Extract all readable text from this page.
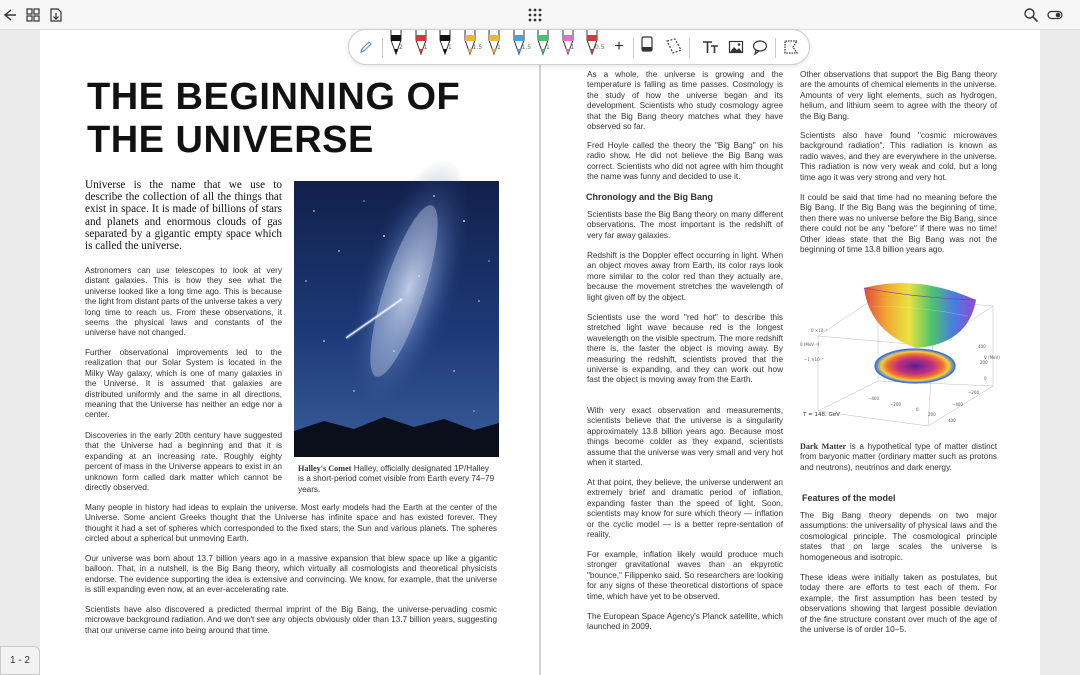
THE BEGINNING OF THE UNIVERSE
Universe is the name that we use to describe the collection of all the things that exist in space. It is made of billions of stars and planets and enormous clouds of gas separated by a gigantic empty space which is called the universe.
Astronomers can use telescopes to look at very distant galaxies. This is how they see what the universe looked like a long time ago. This is because the light from distant parts of the universe takes a very long time to reach us. From these observations, it seems the physical laws and constants of the universe have not changed.
Further observational improvements led to the realization that our Solar System is located in the Milky Way galaxy, which is one of many galaxies in the Universe. It is assumed that galaxies are distributed uniformly and the same in all directions, meaning that the Universe has neither an edge nor a center.
Discoveries in the early 20th century have suggested that the Universe had a beginning and that it is expanding at an increasing rate. Roughly eighty percent of mass in the Universe appears to exist in an unknown form called dark matter which cannot be directly observed.
Halley's Comet Halley, officially designated 1P/Halley is a short-period comet visible from Earth every 74–79 years.
Many people in history had ideas to explain the universe. Most early models had the Earth at the center of the Universe. Some ancient Greeks thought that the Universe has infinite space and has existed forever. They thought it had a set of spheres which corresponded to the fixed stars, the Sun and various planets. The spheres circled about a spherical but unmoving Earth.
Our universe was born about 13.7 billion years ago in a massive expansion that blew space up like a gigantic balloon. That, in a nutshell, is the Big Bang theory, which virtually all cosmologists and theoretical physicists endorse. The evidence supporting the idea is extensive and convincing. We know, for example, that the universe is still expanding even now, at an ever-accelerating rate.
Scientists have also discovered a predicted thermal imprint of the Big Bang, the universe-pervading cosmic microwave background radiation. And we don't see any objects obviously older than 13.7 billion years, suggesting that our universe came into being around that time.
As a whole, the universe is growing and the temperature is falling as time passes. Cosmology is the study of how the universe began and its development. Scientists who study cosmology agree that the Big Bang theory matches what they have observed so far.
Fred Hoyle called the theory the "Big Bang" on his radio show. He did not believe the Big Bang was correct. Scientists who did not agree with him thought the name was funny and decided to use it.
Chronology and the Big Bang
Scientists base the Big Bang theory on many different observations. The most important is the redshift of very far away galaxies.
Redshift is the Doppler effect occurring in light. When an object moves away from Earth, its color rays look more similar to the color red than they actually are, because the movement stretches the wavelength of light given off by the object.
Scientists use the word "red hot" to describe this stretched light wave because red is the longest wavelength on the visible spectrum. The more redshift there is, the faster the object is moving away. By measuring the redshift, scientists proved that the universe is expanding, and they can work out how fast the object is moving away from the Earth.
With very exact observation and measurements, scientists believe that the universe is a singularity approximately 13.8 billion years ago. Because most things become colder as they expand, scientists assume that the universe was very small and very hot when it started.
At that point, they believe, the universe underwent an extremely brief and dramatic period of inflation, expanding faster than the speed of light. Soon, scientists may know for sure which theory — inflation or the cyclic model — is a better repre-sentation of reality.
For example, inflation likely would produce much stronger gravitational waves than an ekpyrotic "bounce," Filippenko said. So researchers are looking for any signs of these theoretical distortions of space time, which have yet to be observed.
The European Space Agency's Planck satellite, which launched in 2009.
Other observations that support the Big Bang theory are the amounts of chemical elements in the universe. Amounts of very light elements, such as hydrogen, helium, and lithium seem to agree with the theory of the Big Bang.
Scientists also have found "cosmic microwaves background radiation". This radiation is known as radio waves, and they are everywhere in the universe. This radiation is now very weak and cold, but a long time ago it was very strong and very hot.
It could be said that time had no meaning before the Big Bang. If the Big Bang was the beginning of time, then there was no universe before the Big Bang, since there could not be any "before" if there was no time! Other ideas state that the Big Bang was not the beginning of time 13.8 billion years ago.
0 ×10⁻⁷
0 (MeV⁻²)
−1 ×10⁻⁷
400
200
0
−200
−400
−400
−200
0
200
400
V (MeV)
T = 148. GeV
Dark Matter is a hypothetical type of matter distinct from baryonic matter (ordinary matter such as protons and neutrons), neutrinos and dark energy.
Features of the model
The Big Bang theory depends on two major assumptions: the universality of physical laws and the cosmological principle. The cosmological principle states that on large scales the universe is homogeneous and isotropic.
These ideas were initially taken as postulates, but today there are efforts to test each of them. For example, the first assumption has been tested by observations showing that largest possible deviation of the fine structure constant over much of the age of the universe is of order 10−5.
2	1	1	1.5 1	1.5 1	1	0.5 +
1 - 2
